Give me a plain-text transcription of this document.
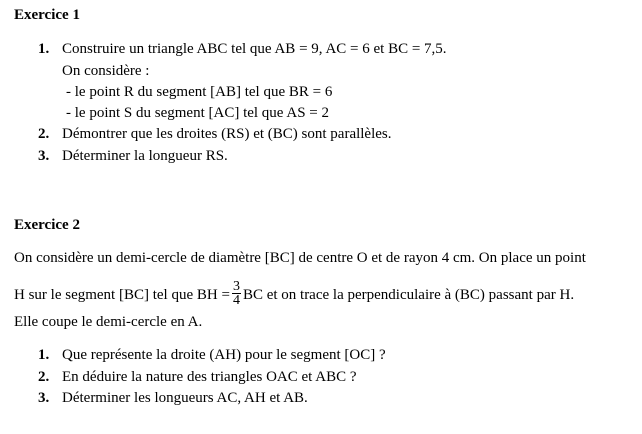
Exercice 1
1. Construire un triangle ABC tel que AB = 9, AC = 6 et BC = 7,5.
On considère :
- le point R du segment [AB] tel que BR = 6
- le point S du segment [AC] tel que AS = 2
2. Démontrer que les droites (RS) et (BC) sont parallèles.
3. Déterminer la longueur RS.
Exercice 2
On considère un demi-cercle de diamètre [BC] de centre O et de rayon 4 cm. On place un point
H sur le segment [BC] tel que BH = $\frac{3}{4}$ BC et on trace la perpendiculaire à (BC) passant par H.
Elle coupe le demi-cercle en A.
1. Que représente la droite (AH) pour le segment [OC] ?
2. En déduire la nature des triangles OAC et ABC ?
3. Déterminer les longueurs AC, AH et AB.
